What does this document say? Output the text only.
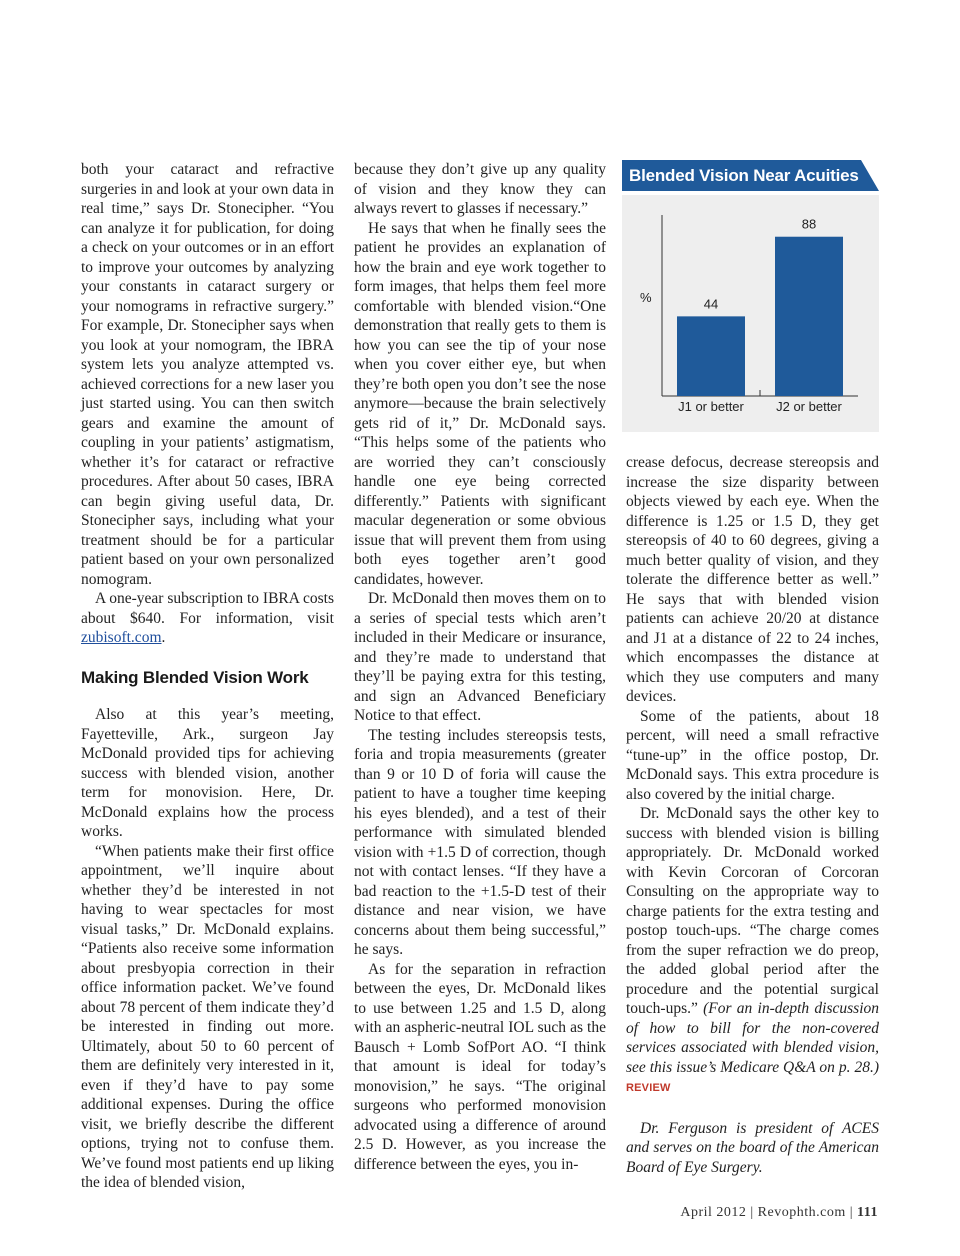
both your cataract and refractive surgeries in and look at your own data in real time,” says Dr. Stonecipher. “You can analyze it for publication, for doing a check on your outcomes or in an effort to improve your outcomes by analyzing your constants in cataract surgery or your nomograms in refractive surgery.” For example, Dr. Stonecipher says when you look at your nomogram, the IBRA system lets you analyze attempted vs. achieved corrections for a new laser you just started using. You can then switch gears and examine the amount of coupling in your patients’ astigmatism, whether it’s for cataract or refractive procedures. After about 50 cases, IBRA can begin giving useful data, Dr. Stonecipher says, including what your treatment should be for a particular patient based on your own personalized nomogram.

A one-year subscription to IBRA costs about $640. For information, visit zubisoft.com.

Making Blended Vision Work

Also at this year’s meeting, Fayetteville, Ark., surgeon Jay McDonald provided tips for achieving success with blended vision, another term for monovision. Here, Dr. McDonald explains how the process works.

“When patients make their first office appointment, we’ll inquire about whether they’d be interested in not having to wear spectacles for most visual tasks,” Dr. McDonald explains. “Patients also receive some information about presbyopia correction in their office information packet. We’ve found about 78 percent of them indicate they’d be interested in finding out more. Ultimately, about 50 to 60 percent of them are definitely very interested in it, even if they’d have to pay some additional expenses. During the office visit, we briefly describe the different options, trying not to confuse them. We’ve found most patients end up liking the idea of blended vision,

because they don’t give up any quality of vision and they know they can always revert to glasses if necessary.”

He says that when he finally sees the patient he provides an explanation of how the brain and eye work together to form images, that helps them feel more comfortable with blended vision.“One demonstration that really gets to them is how you can see the tip of your nose when you cover either eye, but when they’re both open you don’t see the nose anymore—because the brain selectively gets rid of it,” Dr. McDonald says. “This helps some of the patients who are worried they can’t consciously handle one eye being corrected differently.” Patients with significant macular degeneration or some obvious issue that will prevent them from using both eyes together aren’t good candidates, however.

Dr. McDonald then moves them on to a series of special tests which aren’t included in their Medicare or insurance, and they’re made to understand that they’ll be paying extra for this testing, and sign an Advanced Beneficiary Notice to that effect.

The testing includes stereopsis tests, foria and tropia measurements (greater than 9 or 10 D of foria will cause the patient to have a tougher time keeping his eyes blended), and a test of their performance with simulated blended vision with +1.5 D of correction, though not with contact lenses. “If they have a bad reaction to the +1.5-D test of their distance and near vision, we have concerns about them being successful,” he says.

As for the separation in refraction between the eyes, Dr. McDonald likes to use between 1.25 and 1.5 D, along with an aspheric-neutral IOL such as the Bausch + Lomb SofPort AO. “I think that amount is ideal for today’s monovision,” he says. “The original surgeons who performed monovision advocated using a difference of around 2.5 D. However, as you increase the difference between the eyes, you in-

Blended Vision Near Acuities
%	44
J1 or better
88
J2 or better

crease defocus, decrease stereopsis and increase the size disparity between objects viewed by each eye. When the difference is 1.25 or 1.5 D, they get stereopsis of 40 to 60 degrees, giving a much better quality of vision, and they tolerate the difference better as well.” He says that with blended vision patients can achieve 20/20 at distance and J1 at a distance of 22 to 24 inches, which encompasses the distance at which they use computers and many devices.

Some of the patients, about 18 percent, will need a small refractive “tune-up” in the office postop, Dr. McDonald says. This extra procedure is also covered by the initial charge.

Dr. McDonald says the other key to success with blended vision is billing appropriately. Dr. McDonald worked with Kevin Corcoran of Corcoran Consulting on the appropriate way to charge patients for the extra testing and postop touch-ups. “The charge comes from the super refraction we do preop, the added global period after the procedure and the potential surgical touch-ups.” (For an in-depth discussion of how to bill for the non-covered services associated with blended vision, see this issue’s Medicare Q&A on p. 28.) REVIEW

Dr. Ferguson is president of ACES and serves on the board of the American Board of Eye Surgery.

April 2012 | Revophth.com | 111
